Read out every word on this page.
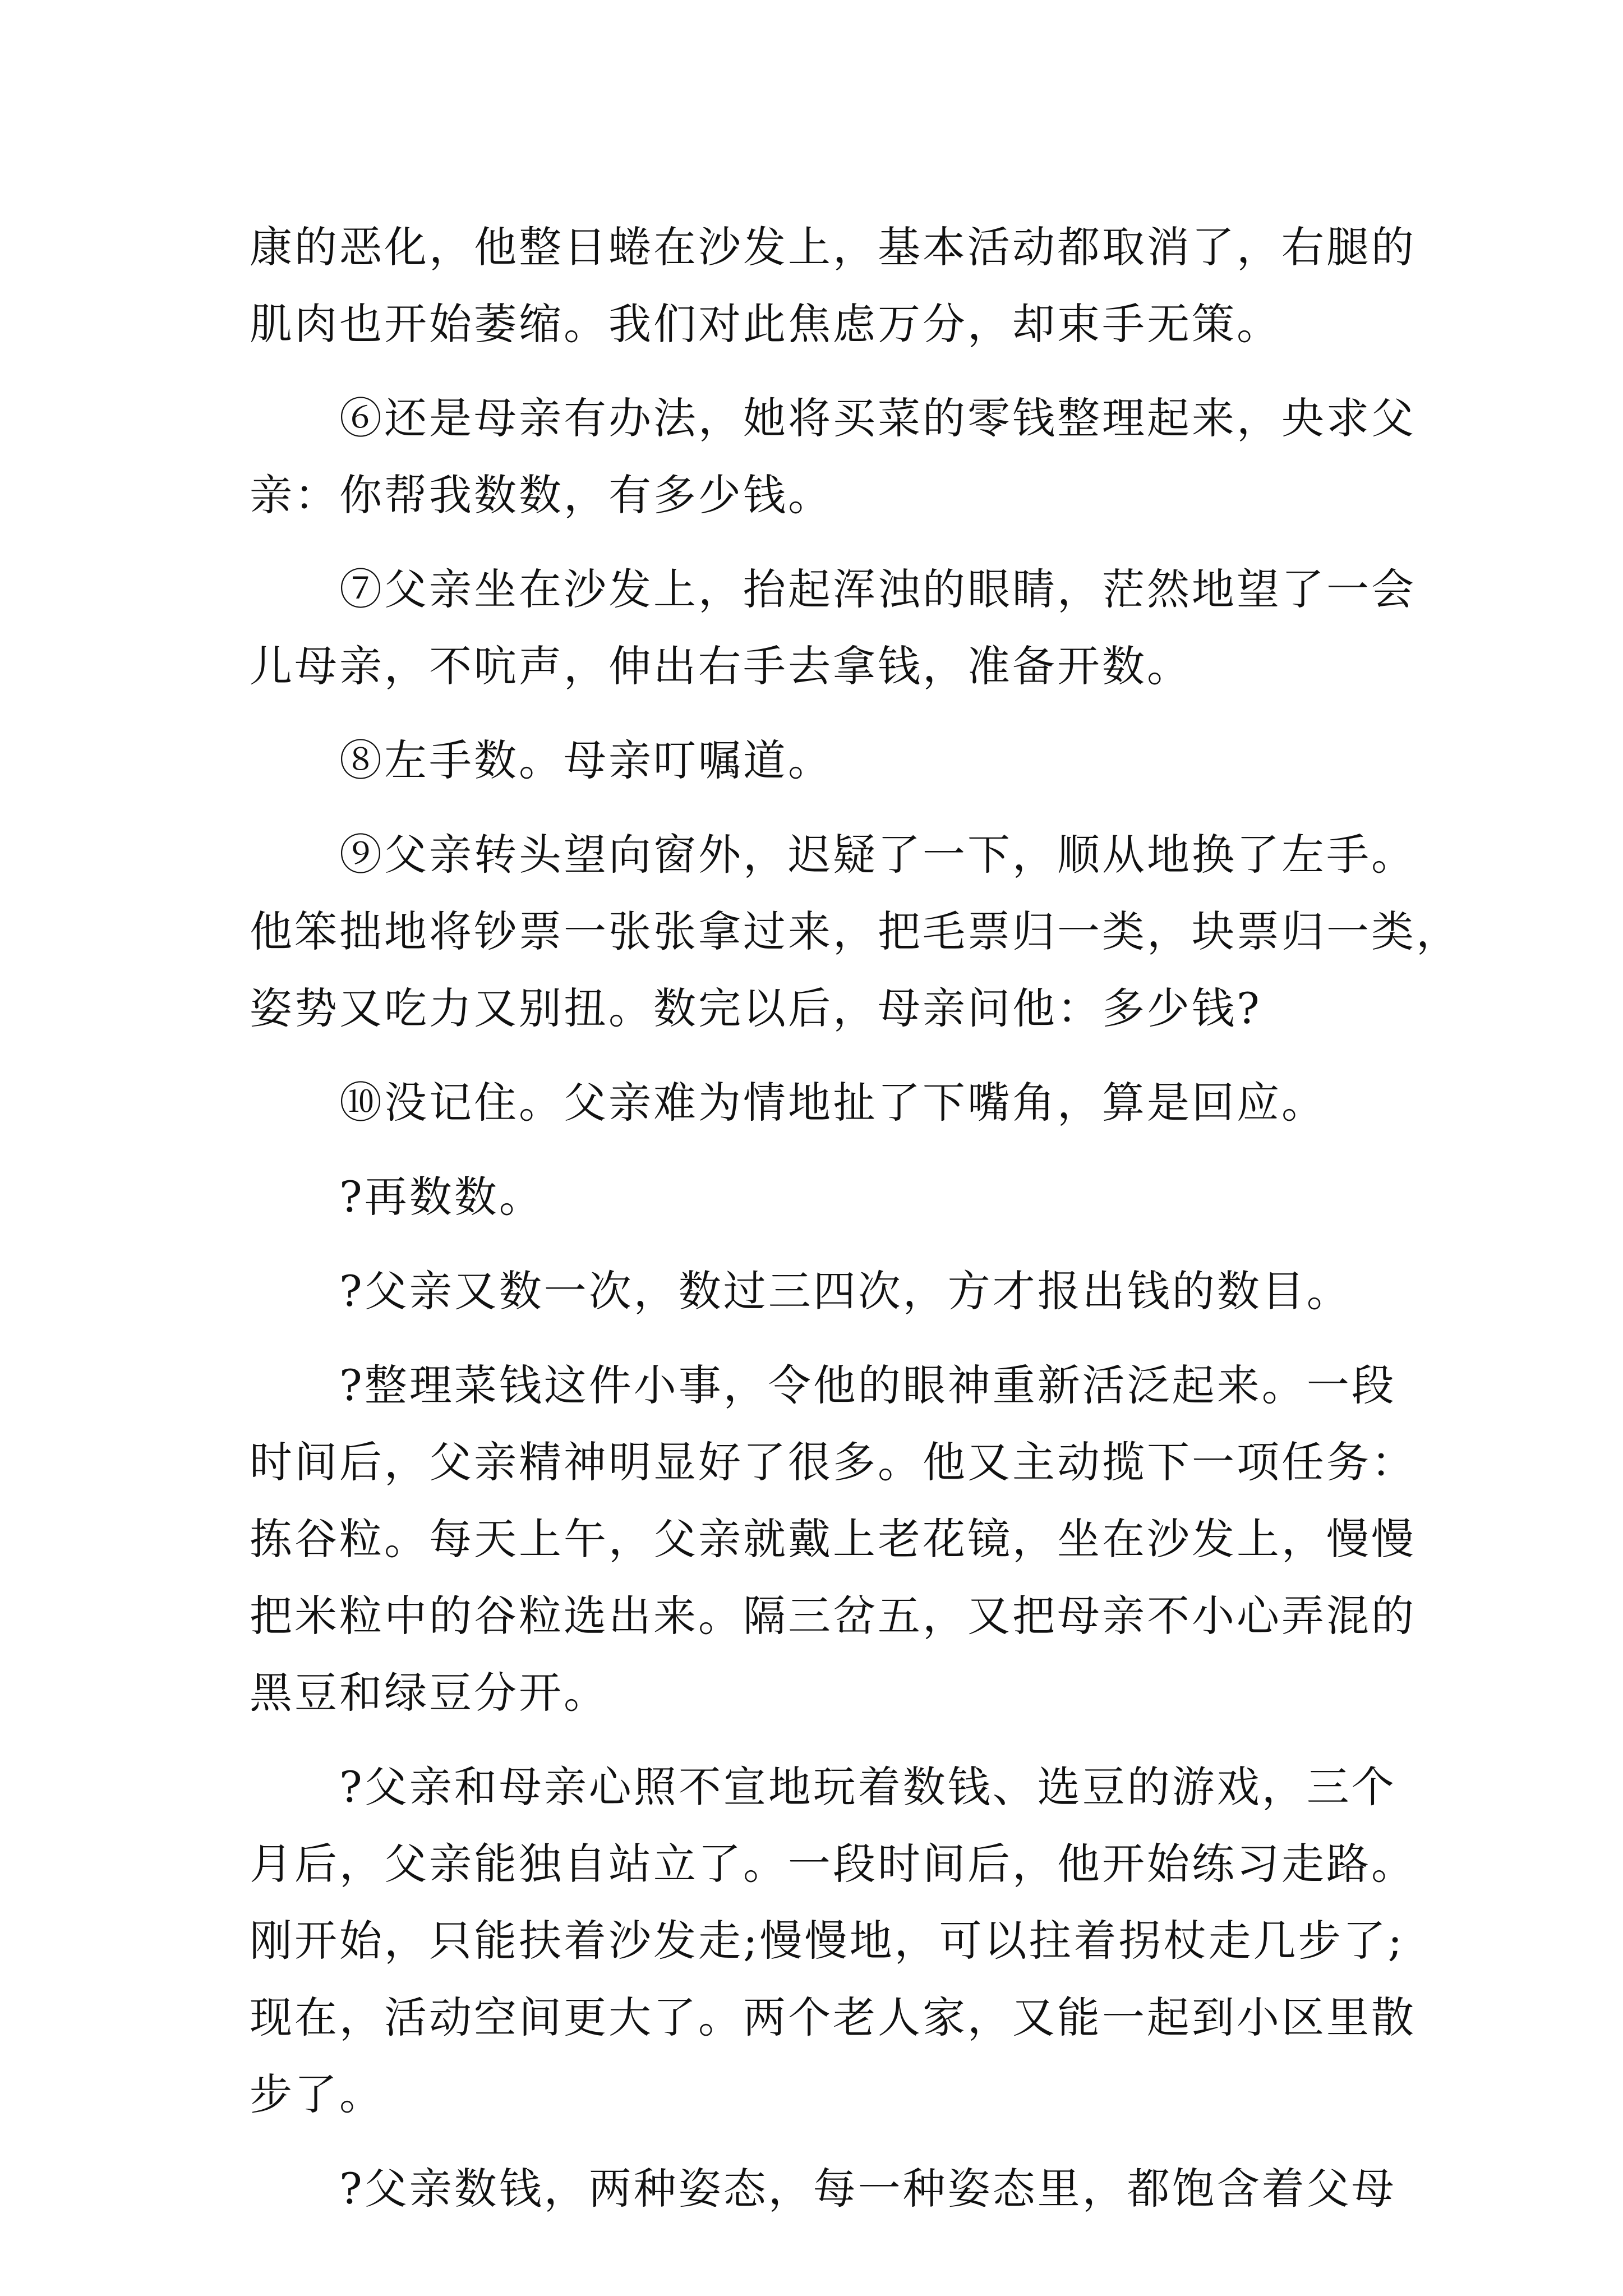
康的恶化，他整日蜷在沙发上，基本活动都取消了，右腿的
肌肉也开始萎缩。我们对此焦虑万分，却束手无策。

⑥还是母亲有办法，她将买菜的零钱整理起来，央求父
亲：你帮我数数，有多少钱。

⑦父亲坐在沙发上，抬起浑浊的眼睛，茫然地望了一会
儿母亲，不吭声，伸出右手去拿钱，准备开数。

⑧左手数。母亲叮嘱道。

⑨父亲转头望向窗外，迟疑了一下，顺从地换了左手。
他笨拙地将钞票一张张拿过来，把毛票归一类，块票归一类，
姿势又吃力又别扭。数完以后，母亲问他：多少钱?

⑩没记住。父亲难为情地扯了下嘴角，算是回应。

?再数数。

?父亲又数一次，数过三四次，方才报出钱的数目。

?整理菜钱这件小事，令他的眼神重新活泛起来。一段
时间后，父亲精神明显好了很多。他又主动揽下一项任务：
拣谷粒。每天上午，父亲就戴上老花镜，坐在沙发上，慢慢
把米粒中的谷粒选出来。隔三岔五，又把母亲不小心弄混的
黑豆和绿豆分开。

?父亲和母亲心照不宣地玩着数钱、选豆的游戏，三个
月后，父亲能独自站立了。一段时间后，他开始练习走路。
刚开始，只能扶着沙发走;慢慢地，可以拄着拐杖走几步了;
现在，活动空间更大了。两个老人家，又能一起到小区里散
步了。

?父亲数钱，两种姿态，每一种姿态里，都饱含着父母
